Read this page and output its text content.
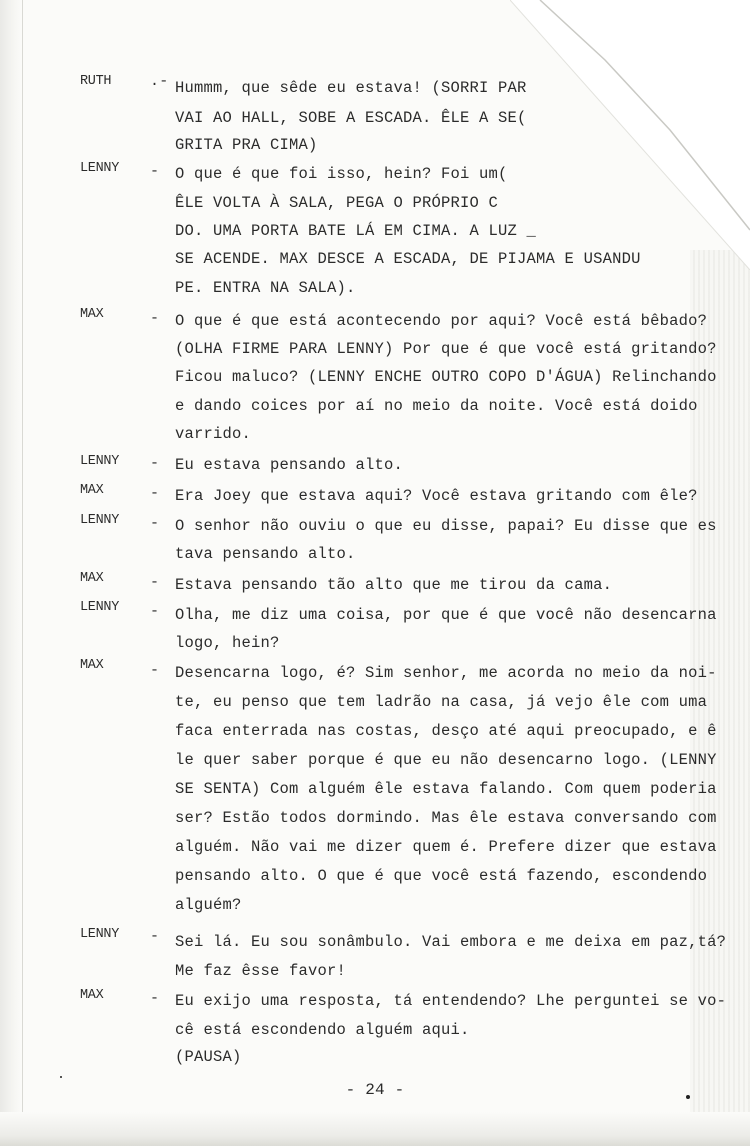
RUTH	.- Hummm, que sêde eu estava! (SORRI PAR
VAI AO HALL, SOBE A ESCADA. ÊLE A SE(
GRITA PRA CIMA)
LENNY	- O que é que foi isso, hein? Foi um(
ÊLE VOLTA À SALA, PEGA O PRÓPRIO C
DO. UMA PORTA BATE LÁ EM CIMA. A LUZ _
SE ACENDE. MAX DESCE A ESCADA, DE PIJAMA E USANDU
PE. ENTRA NA SALA).
MAX	- O que é que está acontecendo por aqui? Você está bêbado?
(OLHA FIRME PARA LENNY) Por que é que você está gritando?
Ficou maluco? (LENNY ENCHE OUTRO COPO D'ÁGUA) Relinchando
e dando coices por aí no meio da noite. Você está doido
varrido.
LENNY	- Eu estava pensando alto.
MAX	- Era Joey que estava aqui? Você estava gritando com êle?
LENNY	- O senhor não ouviu o que eu disse, papai? Eu disse que es
tava pensando alto.
MAX	- Estava pensando tão alto que me tirou da cama.
LENNY	- Olha, me diz uma coisa, por que é que você não desencarna
logo, hein?
MAX	- Desencarna logo, é? Sim senhor, me acorda no meio da noi-
te, eu penso que tem ladrão na casa, já vejo êle com uma
faca enterrada nas costas, desço até aqui preocupado, e ê
le quer saber porque é que eu não desencarno logo. (LENNY
SE SENTA) Com alguém êle estava falando. Com quem poderia
ser? Estão todos dormindo. Mas êle estava conversando com
alguém. Não vai me dizer quem é. Prefere dizer que estava
pensando alto. O que é que você está fazendo, escondendo
alguém?
LENNY	- Sei lá. Eu sou sonâmbulo. Vai embora e me deixa em paz,tá?
Me faz êsse favor!
MAX	- Eu exijo uma resposta, tá entendendo? Lhe perguntei se vo-
cê está escondendo alguém aqui.
(PAUSA)
- 24 -
